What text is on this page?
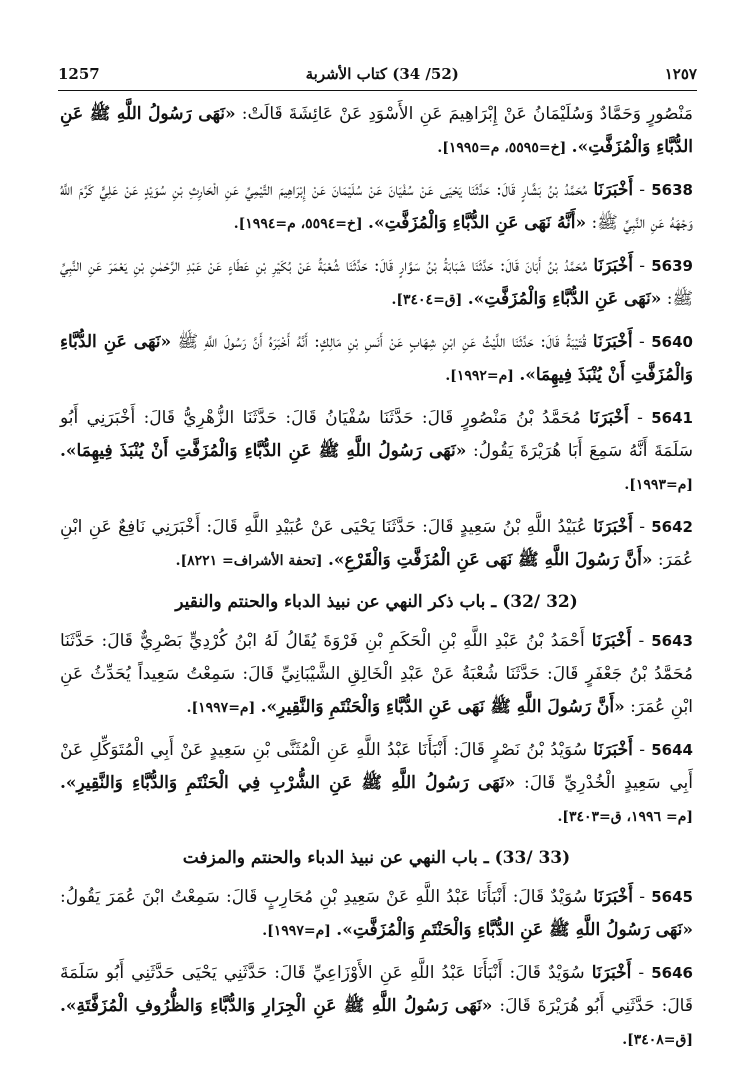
1257	(52/ 34) كتاب الأشربة	١٢٥٧

مَنْصُورٍ وَحَمَّادٌ وَسُلَيْمَانُ عَنْ إِبْرَاهِيمَ عَنِ الأَسْوَدِ عَنْ عَائِشَةَ قَالَتْ: «نَهَى رَسُولُ اللَّهِ ﷺ عَنِ الدُّبَّاءِ وَالْمُزَفَّتِ». [خ=٥٥٩٥، م=١٩٩٥].

5638 - أَخْبَرَنَا مُحَمَّدُ بْنُ بَشَّارٍ قَالَ: حَدَّثَنَا يَحْيَى عَنْ سُفْيَانَ عَنْ سُلَيْمَانَ عَنْ إِبْرَاهِيمَ التَّيْمِيِّ عَنِ الْحَارِثِ بْنِ سُوَيْدٍ عَنْ عَلِيٍّ كَرَّمَ اللَّهُ وَجْهَهُ عَنِ النَّبِيِّ ﷺ: «أَنَّهُ نَهَى عَنِ الدُّبَّاءِ وَالْمُزَفَّتِ». [خ=٥٥٩٤، م=١٩٩٤].

5639 - أَخْبَرَنَا مُحَمَّدُ بْنُ أَبَانَ قَالَ: حَدَّثَنَا شَبَابَةُ بْنُ سَوَّارٍ قَالَ: حَدَّثَنَا شُعْبَةُ عَنْ بُكَيْرِ بْنِ عَطَاءٍ عَنْ عَبْدِ الرَّحْمٰنِ بْنِ يَعْمَرَ عَنِ النَّبِيِّ ﷺ: «نَهَى عَنِ الدُّبَّاءِ وَالْمُزَفَّتِ». [ق=٣٤٠٤].

5640 - أَخْبَرَنَا قُتَيْبَةُ قَالَ: حَدَّثَنَا اللَّيْثُ عَنِ ابْنِ شِهَابٍ عَنْ أَنَسِ بْنِ مَالِكٍ: أَنَّهُ أَخْبَرَهُ أَنَّ رَسُولَ اللَّهِ ﷺ «نَهَى عَنِ الدُّبَّاءِ وَالْمُزَفَّتِ أَنْ يُنْبَذَ فِيهِمَا». [م=١٩٩٢].

5641 - أَخْبَرَنَا مُحَمَّدُ بْنُ مَنْصُورٍ قَالَ: حَدَّثَنَا سُفْيَانُ قَالَ: حَدَّثَنَا الزُّهْرِيُّ قَالَ: أَخْبَرَنِي أَبُو سَلَمَةَ أَنَّهُ سَمِعَ أَبَا هُرَيْرَةَ يَقُولُ: «نَهَى رَسُولُ اللَّهِ ﷺ عَنِ الدُّبَّاءِ وَالْمُزَفَّتِ أَنْ يُنْبَذَ فِيهِمَا». [م=١٩٩٣].

5642 - أَخْبَرَنَا عُبَيْدُ اللَّهِ بْنُ سَعِيدٍ قَالَ: حَدَّثَنَا يَحْيَى عَنْ عُبَيْدِ اللَّهِ قَالَ: أَخْبَرَنِي نَافِعٌ عَنِ ابْنِ عُمَرَ: «أَنَّ رَسُولَ اللَّهِ ﷺ نَهَى عَنِ الْمُزَفَّتِ وَالْقَرْعِ». [تحفة الأشراف= ٨٢٢١].

(32 /32) ـ باب ذكر النهي عن نبيذ الدباء والحنتم والنقير

5643 - أَخْبَرَنَا أَحْمَدُ بْنُ عَبْدِ اللَّهِ بْنِ الْحَكَمِ بْنِ فَرْوَةَ يُقَالُ لَهُ ابْنُ كُرْدِيٍّ بَصْرِيٌّ قَالَ: حَدَّثَنَا مُحَمَّدُ بْنُ جَعْفَرٍ قَالَ: حَدَّثَنَا شُعْبَةُ عَنْ عَبْدِ الْخَالِقِ الشَّيْبَانِيِّ قَالَ: سَمِعْتُ سَعِيداً يُحَدِّثُ عَنِ ابْنِ عُمَرَ: «أَنَّ رَسُولَ اللَّهِ ﷺ نَهَى عَنِ الدُّبَّاءِ وَالْحَنْتَمِ وَالنَّقِيرِ». [م=١٩٩٧].

5644 - أَخْبَرَنَا سُوَيْدُ بْنُ نَصْرٍ قَالَ: أَنْبَأَنَا عَبْدُ اللَّهِ عَنِ الْمُثَنَّى بْنِ سَعِيدٍ عَنْ أَبِي الْمُتَوَكِّلِ عَنْ أَبِي سَعِيدٍ الْخُدْرِيِّ قَالَ: «نَهَى رَسُولُ اللَّهِ ﷺ عَنِ الشُّرْبِ فِي الْحَنْتَمِ وَالدُّبَّاءِ وَالنَّقِيرِ». [م= ١٩٩٦، ق=٣٤٠٣].

(33 /33) ـ باب النهي عن نبيذ الدباء والحنتم والمزفت

5645 - أَخْبَرَنَا سُوَيْدٌ قَالَ: أَنْبَأَنَا عَبْدُ اللَّهِ عَنْ سَعِيدِ بْنِ مُحَارِبٍ قَالَ: سَمِعْتُ ابْنَ عُمَرَ يَقُولُ: «نَهَى رَسُولُ اللَّهِ ﷺ عَنِ الدُّبَّاءِ وَالْحَنْتَمِ وَالْمُزَفَّتِ». [م=١٩٩٧].

5646 - أَخْبَرَنَا سُوَيْدٌ قَالَ: أَنْبَأَنَا عَبْدُ اللَّهِ عَنِ الأَوْزَاعِيِّ قَالَ: حَدَّثَنِي يَحْيَى حَدَّثَنِي أَبُو سَلَمَةَ قَالَ: حَدَّثَنِي أَبُو هُرَيْرَةَ قَالَ: «نَهَى رَسُولُ اللَّهِ ﷺ عَنِ الْجِرَارِ وَالدُّبَّاءِ وَالظُّرُوفِ الْمُزَفَّتَةِ». [ق=٣٤٠٨].
